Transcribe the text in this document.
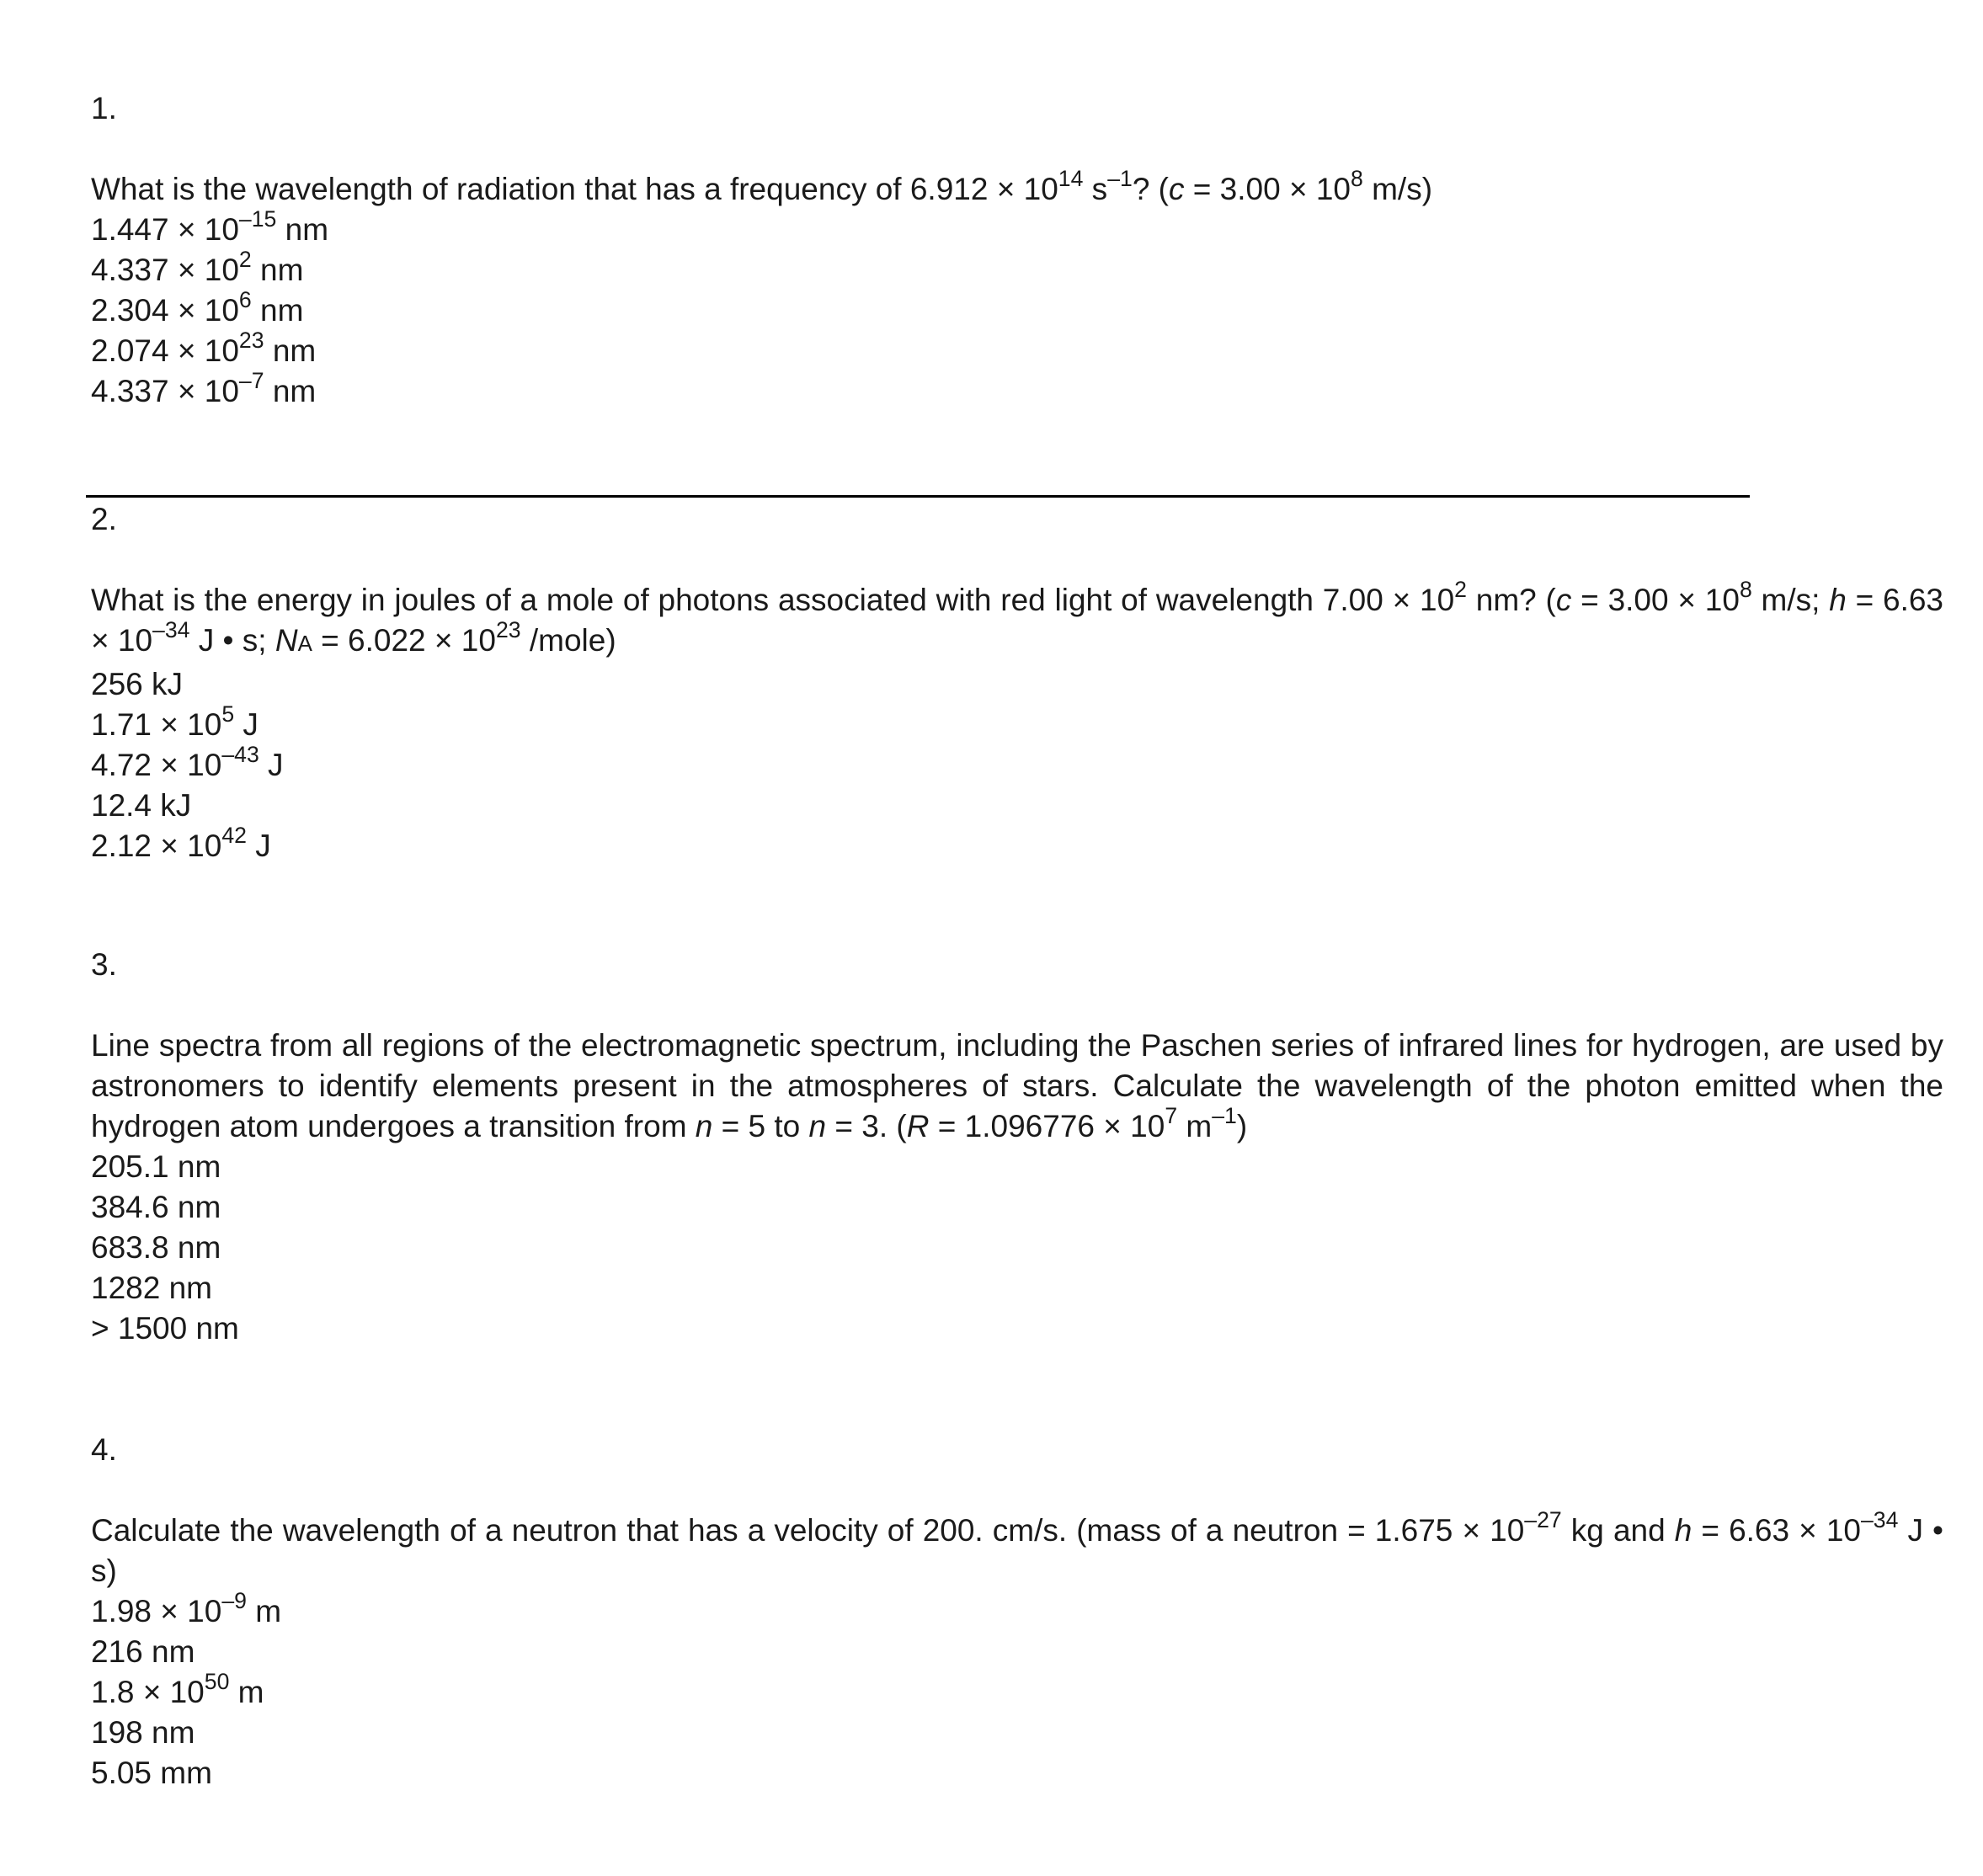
1.
What is the wavelength of radiation that has a frequency of $6.912 \times 10^{14}$ $s^{-1}$? ($c = 3.00 \times 10^8$ m/s)
$1.447 \times 10^{-15}$ nm
$4.337 \times 10^2$ nm
$2.304 \times 10^6$ nm
$2.074 \times 10^{23}$ nm
$4.337 \times 10^{-7}$ nm
2.
What is the energy in joules of a mole of photons associated with red light of wavelength $7.00 \times 10^2$ nm? ($c = 3.00 \times 10^8$ m/s; $h = 6.63 \times 10^{-34}$ J • s; NA = $6.022 \times 10^{23}$ /mole)
256 kJ
$1.71 \times 10^5$ J
$4.72 \times 10^{-43}$ J
12.4 kJ
$2.12 \times 10^{42}$ J
3.
Line spectra from all regions of the electromagnetic spectrum, including the Paschen series of infrared lines for hydrogen, are used by astronomers to identify elements present in the atmospheres of stars. Calculate the wavelength of the photon emitted when the hydrogen atom undergoes a transition from n = 5 to n = 3. ($R = 1.096776 \times 10^7$ $m^{-1}$)
205.1 nm
384.6 nm
683.8 nm
1282 nm
> 1500 nm
4.
Calculate the wavelength of a neutron that has a velocity of 200. cm/s. (mass of a neutron = $1.675 \times 10^{-27}$ kg and $h = 6.63 \times 10^{-34}$ J • s)
$1.98 \times 10^{-9}$ m
216 nm
$1.8 \times 10^{50}$ m
198 nm
5.05 mm
